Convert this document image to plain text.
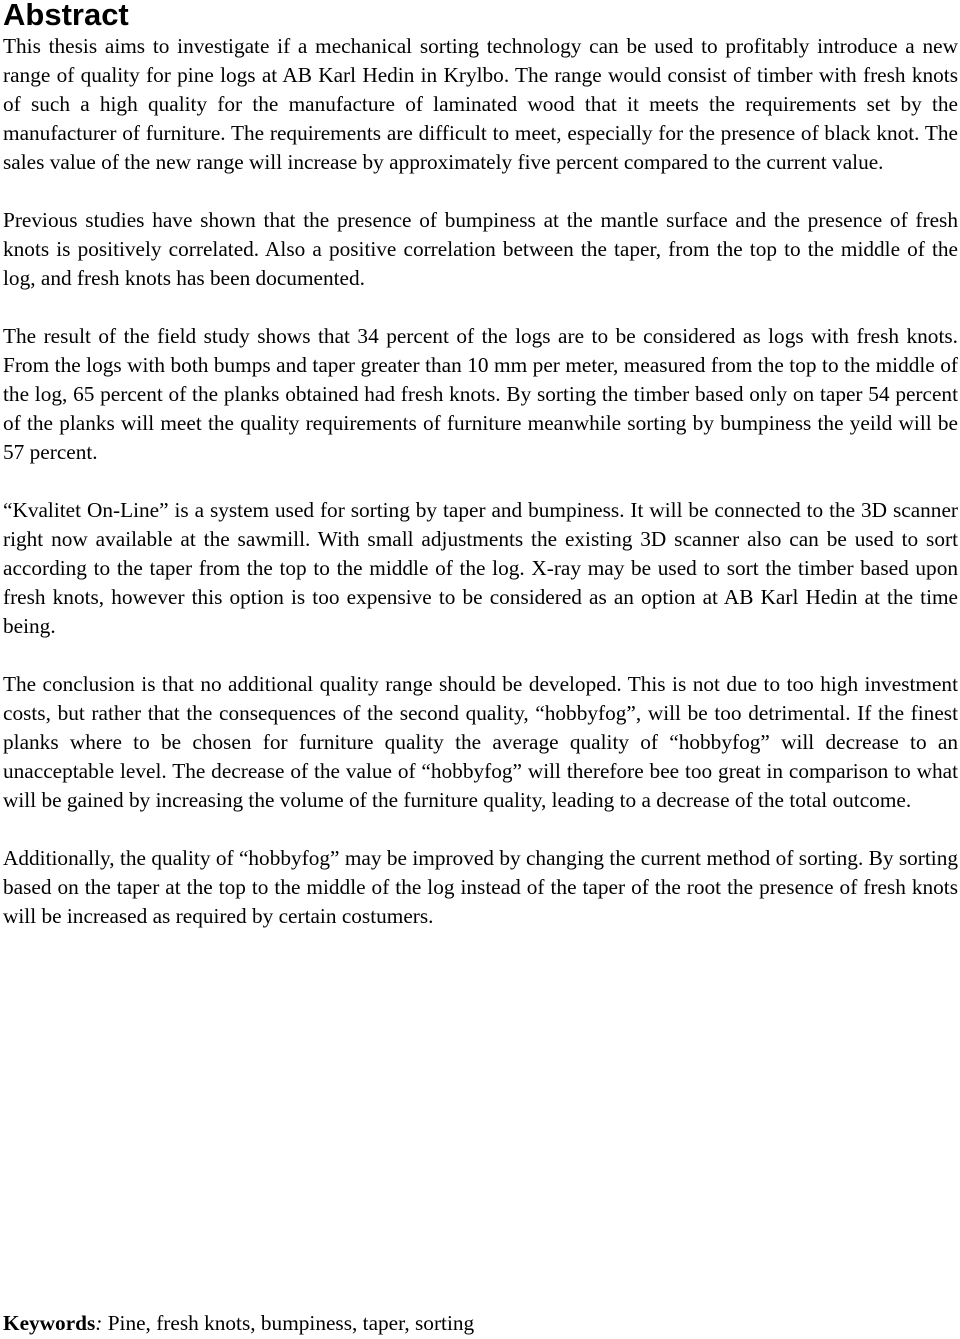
Abstract

This thesis aims to investigate if a mechanical sorting technology can be used to profitably introduce a new range of quality for pine logs at AB Karl Hedin in Krylbo. The range would consist of timber with fresh knots of such a high quality for the manufacture of laminated wood that it meets the requirements set by the manufacturer of furniture. The requirements are difficult to meet, especially for the presence of black knot. The sales value of the new range will increase by approximately five percent compared to the current value.

Previous studies have shown that the presence of bumpiness at the mantle surface and the presence of fresh knots is positively correlated. Also a positive correlation between the taper, from the top to the middle of the log, and fresh knots has been documented.

The result of the field study shows that 34 percent of the logs are to be considered as logs with fresh knots. From the logs with both bumps and taper greater than 10 mm per meter, measured from the top to the middle of the log, 65 percent of the planks obtained had fresh knots. By sorting the timber based only on taper 54 percent of the planks will meet the quality requirements of furniture meanwhile sorting by bumpiness the yeild will be 57 percent.

“Kvalitet On-Line” is a system used for sorting by taper and bumpiness. It will be connected to the 3D scanner right now available at the sawmill. With small adjustments the existing 3D scanner also can be used to sort according to the taper from the top to the middle of the log. X-ray may be used to sort the timber based upon fresh knots, however this option is too expensive to be considered as an option at AB Karl Hedin at the time being.

The conclusion is that no additional quality range should be developed. This is not due to too high investment costs, but rather that the consequences of the second quality, “hobbyfog”, will be too detrimental. If the finest planks where to be chosen for furniture quality the average quality of “hobbyfog” will decrease to an unacceptable level. The decrease of the value of “hobbyfog” will therefore bee too great in comparison to what will be gained by increasing the volume of the furniture quality, leading to a decrease of the total outcome.

Additionally, the quality of “hobbyfog” may be improved by changing the current method of sorting. By sorting based on the taper at the top to the middle of the log instead of the taper of the root the presence of fresh knots will be increased as required by certain costumers.

Keywords: Pine, fresh knots, bumpiness, taper, sorting
